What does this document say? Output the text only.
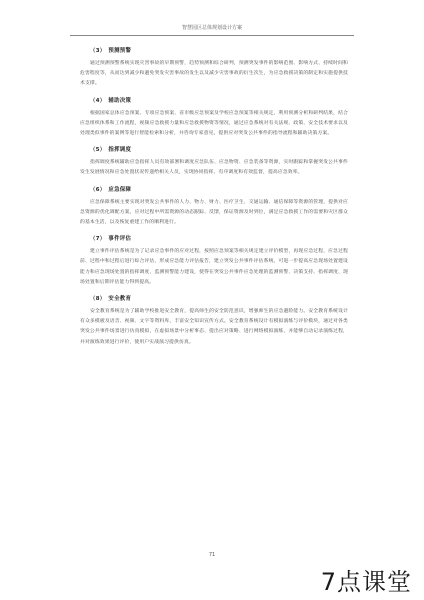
智慧园区总体规划设计方案
（3）　预测预警
通过预测预警系统实现灾害事故的早期预警，趋势预测和综合研判，预测突发事件的影响范围、影响方式、持续时间和危害程度等，从而达到减少和避免突发灾害事故的发生以及减少灾害事故的衍生次生，为应急救援决策的制定和实施提供技术支撑。
（4）　辅助决策
根据国家总体应急预案、专项应急预案、省市级应急预案及学校应急预案等相关规定，利用预测分析和研判结果，结合应急组织体系和工作流程，视频应急救援力量和应急救援物资等情况，通过应急系统对有关法规、政策、安全技术要求以及处理类似事件的案例等进行智能检索和分析，并咨询专家意见，提供应对突发公共事件的指导流程和辅助决策方案。
（5）　指挥调度
指挥调度系统辅助应急指挥人员有效部署和调度应急队伍、应急物资、应急装备等资源，实时跟踪和掌握突发公共事件发生发展情况和应急处置状况传递给相关人员，实现协同指挥、有序调度和有效监督，提高应急效率。
（6）　应急保障
应急保障系统主要实现对突发公共事件的人力、物力、财力、医疗卫生、交通运输、通信保障等资源的管理，提供对应急资源的优化调配方案，应对过程中所需资源的动态跟踪、反馈，保证资源及时到位，满足应急救援工作的需要和灾区群众的基本生活，以及恢复重建工作的顺利进行。
（7）　事件评估
建立事件评估系统是为了记录应急事件的应对过程，按照应急预案等相关规定建立评价模型，再现应急过程，应急过程前、过程中和过程后进行综合评估，形成应急能力评估报告，建立突发公共事件评估系统，可进一步提高应急现场处置建设能力和应急现场处置的指挥调度、监测预警能力建设，使得在突发公共事件应急处理的监测预警、决策支持、指挥调度、现场处置和后期评估能力得到提高。
（8）　安全教育
安全教育系统是为了辅助学校推进安全教育，提高师生的安全防范意识，增强师生的应急避险能力。安全教育系统设计有众多模板及语音、视频、文字等资料库，丰富安全知识宣传方式。安全教育系统设计有模拟演练与评价模块，通过对各类突发公共事件场景进行仿真模拟，在虚拟场景中分析事态、提出应对策略、进行网络模拟演练，并能够自动记录演练过程，并对演练效果进行评价，使用户实战演习提供仿真。
71
7点课堂
